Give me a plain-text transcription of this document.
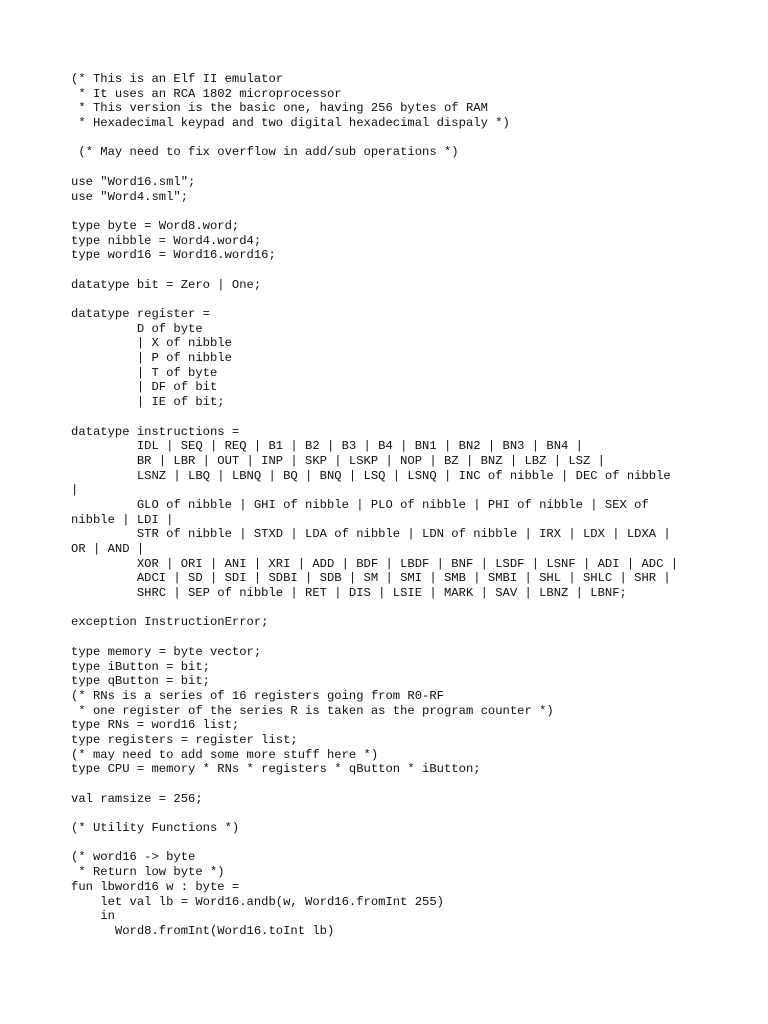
(* This is an Elf II emulator
* It uses an RCA 1802 microprocessor
* This version is the basic one, having 256 bytes of RAM
* Hexadecimal keypad and two digital hexadecimal dispaly *)
(* May need to fix overflow in add/sub operations *)
use "Word16.sml";
use "Word4.sml";
type byte = Word8.word;
type nibble = Word4.word4;
type word16 = Word16.word16;
datatype bit = Zero | One;
datatype register =
D of byte
| X of nibble
| P of nibble
| T of byte
| DF of bit
| IE of bit;
datatype instructions =
IDL | SEQ | REQ | B1 | B2 | B3 | B4 | BN1 | BN2 | BN3 | BN4 |
BR | LBR | OUT | INP | SKP | LSKP | NOP | BZ | BNZ | LBZ | LSZ |
LSNZ | LBQ | LBNQ | BQ | BNQ | LSQ | LSNQ | INC of nibble | DEC of nibble
|
GLO of nibble | GHI of nibble | PLO of nibble | PHI of nibble | SEX of
nibble | LDI |
STR of nibble | STXD | LDA of nibble | LDN of nibble | IRX | LDX | LDXA |
OR | AND |
XOR | ORI | ANI | XRI | ADD | BDF | LBDF | BNF | LSDF | LSNF | ADI | ADC |
ADCI | SD | SDI | SDBI | SDB | SM | SMI | SMB | SMBI | SHL | SHLC | SHR |
SHRC | SEP of nibble | RET | DIS | LSIE | MARK | SAV | LBNZ | LBNF;
exception InstructionError;
type memory = byte vector;
type iButton = bit;
type qButton = bit;
(* RNs is a series of 16 registers going from R0-RF
* one register of the series R is taken as the program counter *)
type RNs = word16 list;
type registers = register list;
(* may need to add some more stuff here *)
type CPU = memory * RNs * registers * qButton * iButton;
val ramsize = 256;
(* Utility Functions *)
(* word16 -> byte
* Return low byte *)
fun lbword16 w : byte =
let val lb = Word16.andb(w, Word16.fromInt 255)
in
Word8.fromInt(Word16.toInt lb)
